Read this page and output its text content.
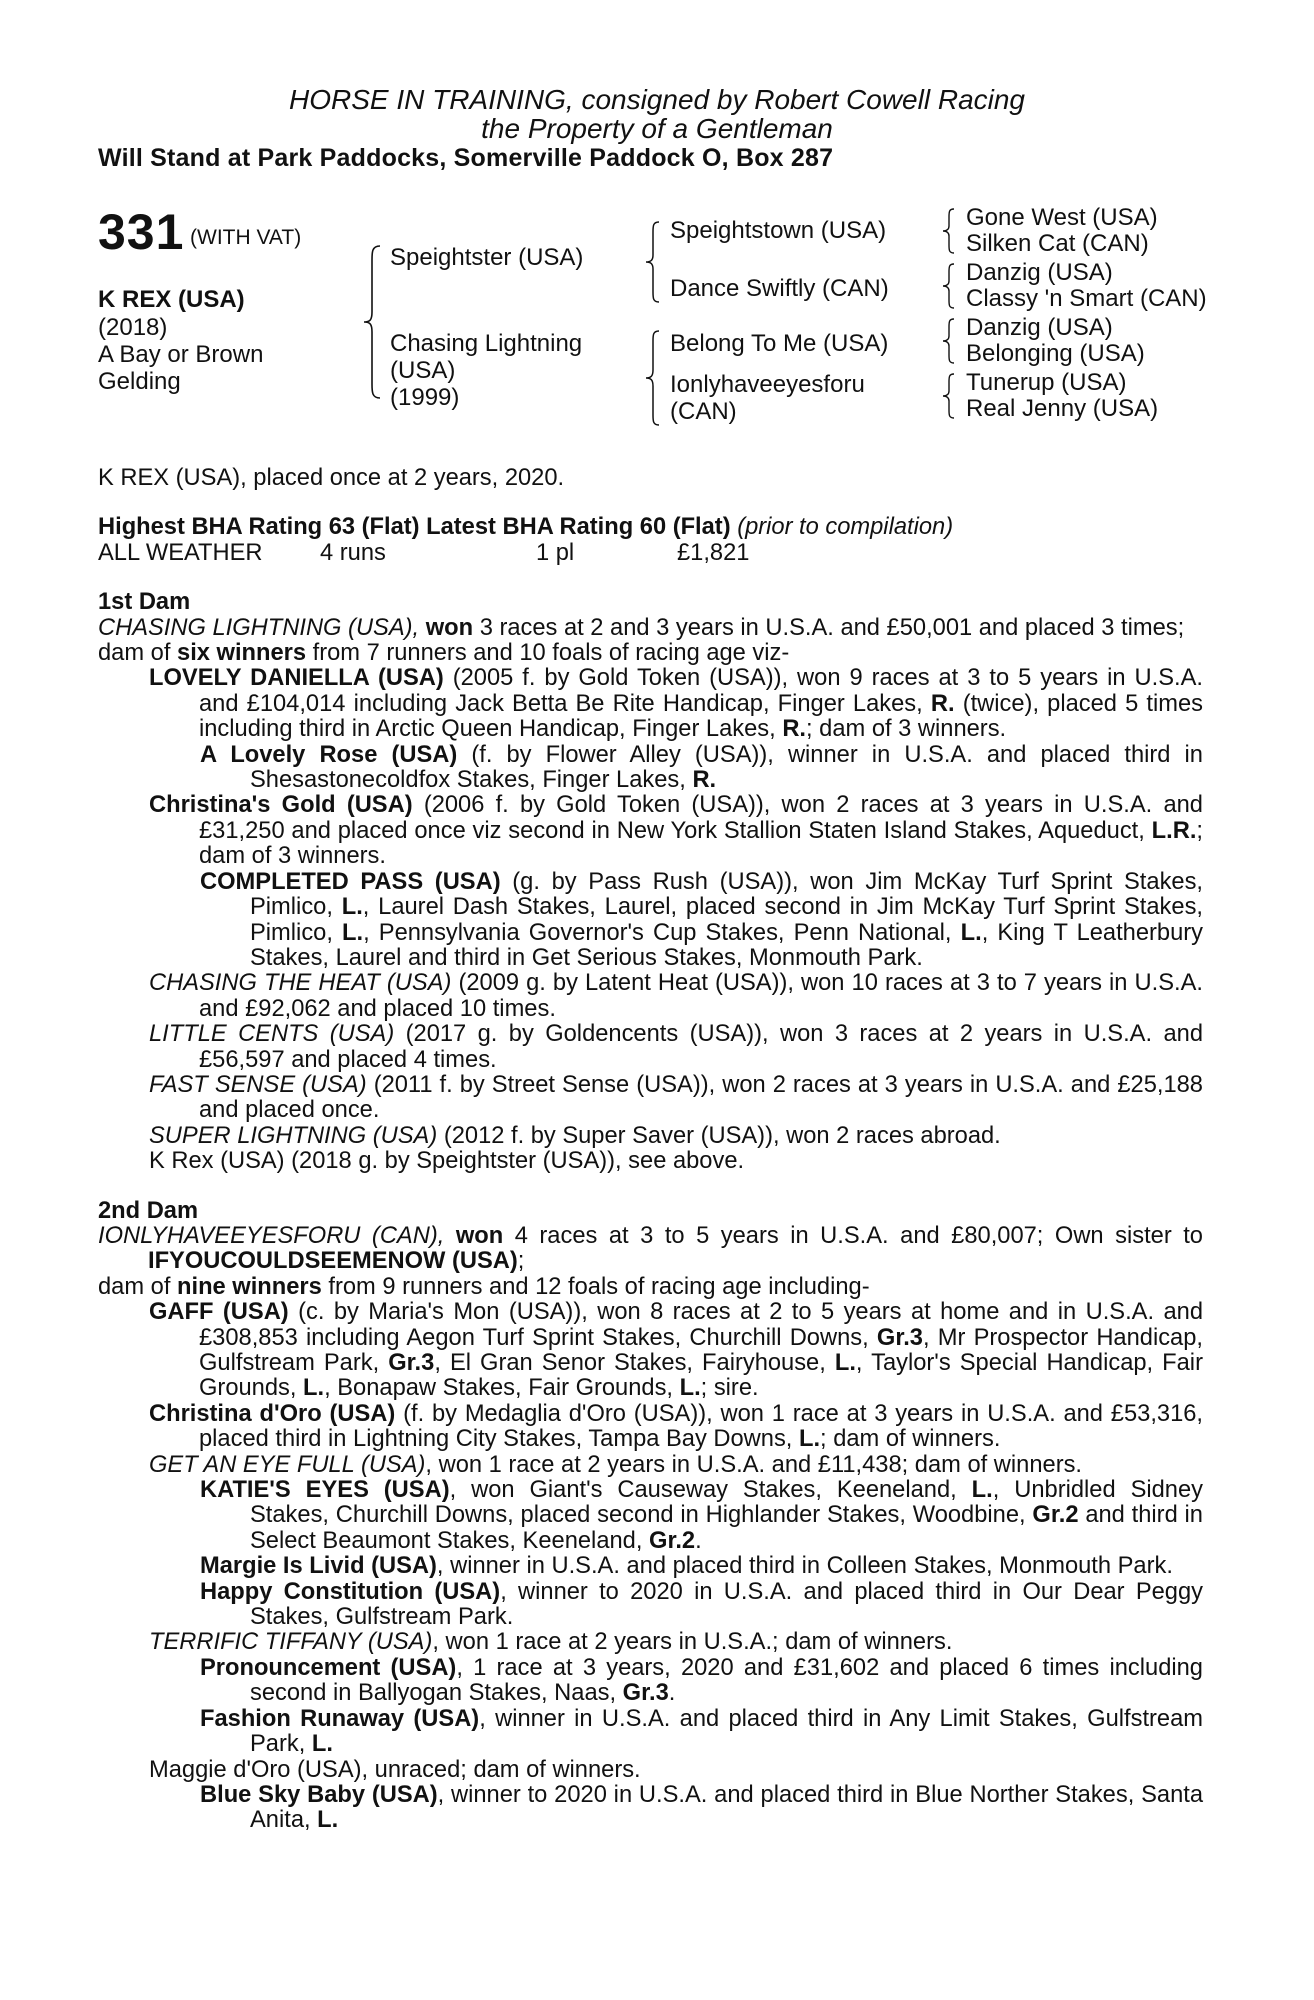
HORSE IN TRAINING, consigned by Robert Cowell Racing
the Property of a Gentleman
Will Stand at Park Paddocks, Somerville Paddock O, Box 287
331 (WITH VAT)
K REX (USA)
(2018)
A Bay or Brown
Gelding
Speightster (USA)
Chasing Lightning
(USA)
(1999)
Speightstown (USA)
Dance Swiftly (CAN)
Belong To Me (USA)
Ionlyhaveeyesforu
(CAN)
Gone West (USA)
Silken Cat (CAN)
Danzig (USA)
Classy 'n Smart (CAN)
Danzig (USA)
Belonging (USA)
Tunerup (USA)
Real Jenny (USA)

K REX (USA), placed once at 2 years, 2020.

Highest BHA Rating 63 (Flat) Latest BHA Rating 60 (Flat) (prior to compilation)

ALL WEATHER 4 runs	1 pl	£1,821

1st Dam

CHASING LIGHTNING (USA), won 3 races at 2 and 3 years in U.S.A. and £50,001 and placed 3 times;

dam of six winners from 7 runners and 10 foals of racing age viz-

LOVELY DANIELLA (USA) (2005 f. by Gold Token (USA)), won 9 races at 3 to 5 years in U.S.A. and £104,014 including Jack Betta Be Rite Handicap, Finger Lakes, R. (twice), placed 5 times including third in Arctic Queen Handicap, Finger Lakes, R.; dam of 3 winners.

A Lovely Rose (USA) (f. by Flower Alley (USA)), winner in U.S.A. and placed third in Shesastonecoldfox Stakes, Finger Lakes, R.

Christina's Gold (USA) (2006 f. by Gold Token (USA)), won 2 races at 3 years in U.S.A. and £31,250 and placed once viz second in New York Stallion Staten Island Stakes, Aqueduct, L.R.; dam of 3 winners.

COMPLETED PASS (USA) (g. by Pass Rush (USA)), won Jim McKay Turf Sprint Stakes, Pimlico, L., Laurel Dash Stakes, Laurel, placed second in Jim McKay Turf Sprint Stakes, Pimlico, L., Pennsylvania Governor's Cup Stakes, Penn National, L., King T Leatherbury Stakes, Laurel and third in Get Serious Stakes, Monmouth Park.

CHASING THE HEAT (USA) (2009 g. by Latent Heat (USA)), won 10 races at 3 to 7 years in U.S.A. and £92,062 and placed 10 times.

LITTLE CENTS (USA) (2017 g. by Goldencents (USA)), won 3 races at 2 years in U.S.A. and £56,597 and placed 4 times.

FAST SENSE (USA) (2011 f. by Street Sense (USA)), won 2 races at 3 years in U.S.A. and £25,188 and placed once.

SUPER LIGHTNING (USA) (2012 f. by Super Saver (USA)), won 2 races abroad.

K Rex (USA) (2018 g. by Speightster (USA)), see above.

2nd Dam

IONLYHAVEEYESFORU (CAN), won 4 races at 3 to 5 years in U.S.A. and £80,007; Own sister to IFYOUCOULDSEEMENOW (USA);

dam of nine winners from 9 runners and 12 foals of racing age including-

GAFF (USA) (c. by Maria's Mon (USA)), won 8 races at 2 to 5 years at home and in U.S.A. and £308,853 including Aegon Turf Sprint Stakes, Churchill Downs, Gr.3, Mr Prospector Handicap, Gulfstream Park, Gr.3, El Gran Senor Stakes, Fairyhouse, L., Taylor's Special Handicap, Fair Grounds, L., Bonapaw Stakes, Fair Grounds, L.; sire.

Christina d'Oro (USA) (f. by Medaglia d'Oro (USA)), won 1 race at 3 years in U.S.A. and £53,316, placed third in Lightning City Stakes, Tampa Bay Downs, L.; dam of winners.

GET AN EYE FULL (USA), won 1 race at 2 years in U.S.A. and £11,438; dam of winners.

KATIE'S EYES (USA), won Giant's Causeway Stakes, Keeneland, L., Unbridled Sidney Stakes, Churchill Downs, placed second in Highlander Stakes, Woodbine, Gr.2 and third in Select Beaumont Stakes, Keeneland, Gr.2.

Margie Is Livid (USA), winner in U.S.A. and placed third in Colleen Stakes, Monmouth Park.

Happy Constitution (USA), winner to 2020 in U.S.A. and placed third in Our Dear Peggy Stakes, Gulfstream Park.

TERRIFIC TIFFANY (USA), won 1 race at 2 years in U.S.A.; dam of winners.

Pronouncement (USA), 1 race at 3 years, 2020 and £31,602 and placed 6 times including second in Ballyogan Stakes, Naas, Gr.3.

Fashion Runaway (USA), winner in U.S.A. and placed third in Any Limit Stakes, Gulfstream Park, L.

Maggie d'Oro (USA), unraced; dam of winners.

Blue Sky Baby (USA), winner to 2020 in U.S.A. and placed third in Blue Norther Stakes, Santa Anita, L.
